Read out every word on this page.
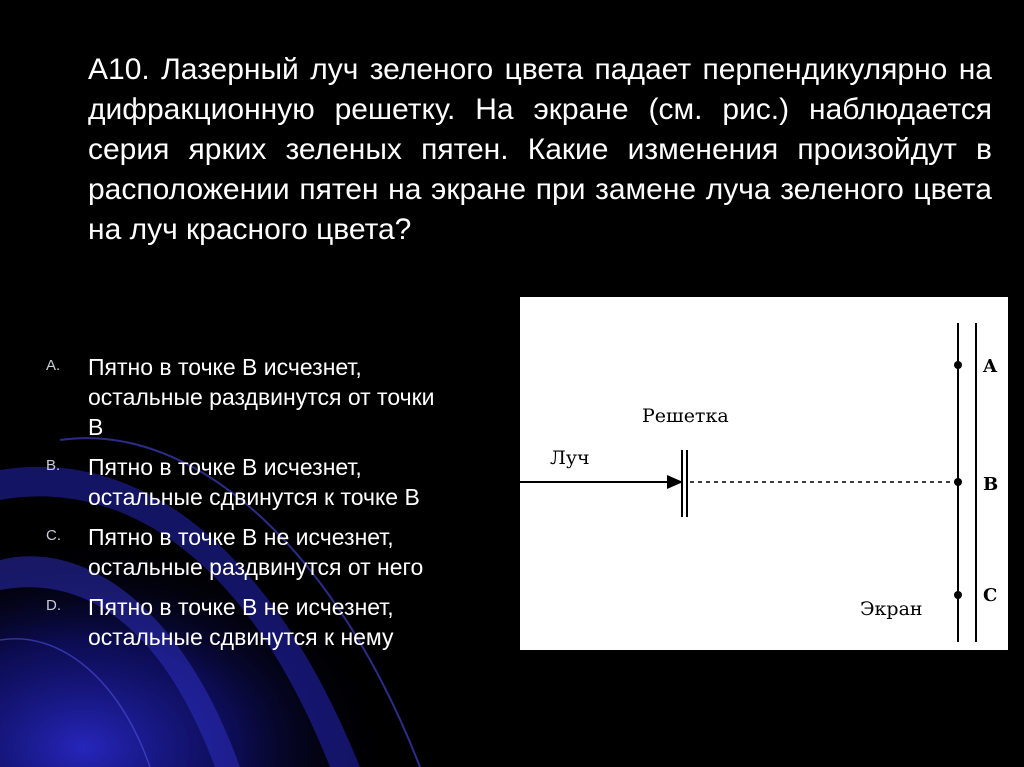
А10. Лазерный луч зеленого цвета падает перпендикулярно на дифракционную решетку. На экране (см. рис.) наблюдается серия ярких зеленых пятен. Какие изменения произойдут в расположении пятен на экране при замене луча зеленого цвета на луч красного цвета?
A. Пятно в точке В исчезнет,
остальные раздвинутся от точки
В
B. Пятно в точке В исчезнет,
остальные сдвинутся к точке В
C. Пятно в точке В не исчезнет,
остальные раздвинутся от него
D. Пятно в точке В не исчезнет,
остальные сдвинутся к нему
Решетка
Луч
Экран
A
B
C
